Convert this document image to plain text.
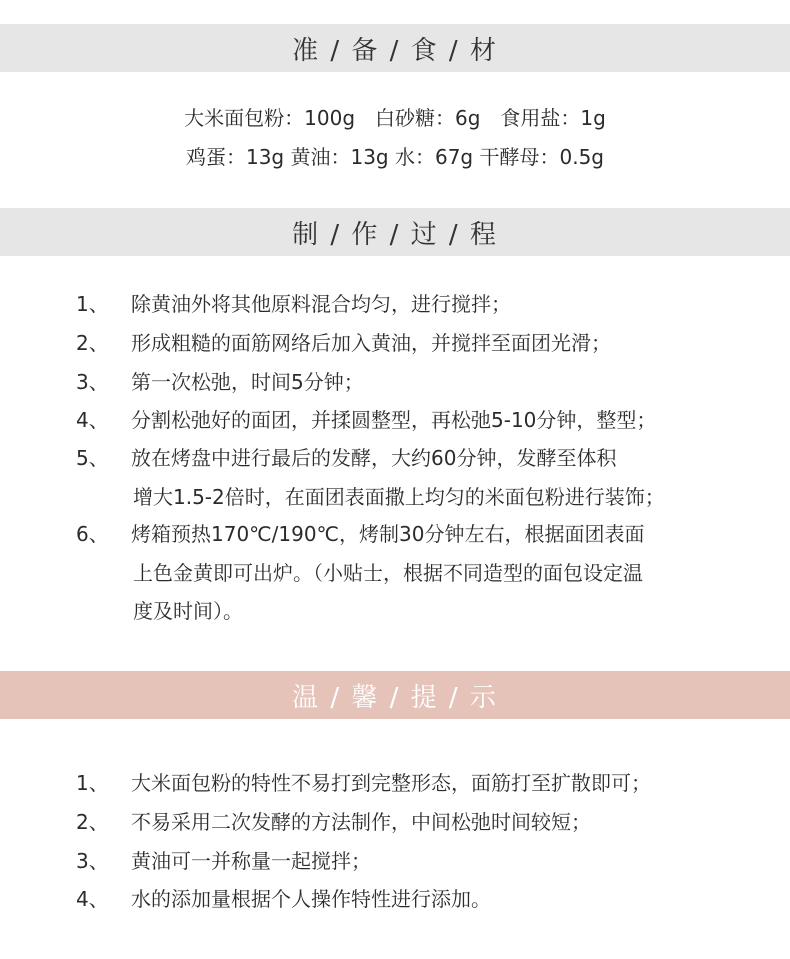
准 / 备 / 食 / 材
大米面包粉：100g　白砂糖：6g　食用盐：1g
鸡蛋：13g 黄油：13g 水：67g 干酵母：0.5g
制 / 作 / 过 / 程
1、 除黄油外将其他原料混合均匀，进行搅拌；
2、 形成粗糙的面筋网络后加入黄油，并搅拌至面团光滑；
3、 第一次松弛，时间5分钟；
4、 分割松弛好的面团，并揉圆整型，再松弛5-10分钟，整型；
5、 放在烤盘中进行最后的发酵，大约60分钟，发酵至体积
增大1.5-2倍时，在面团表面撒上均匀的米面包粉进行装饰；
6、 烤箱预热170℃/190℃，烤制30分钟左右，根据面团表面
上色金黄即可出炉。（小贴士，根据不同造型的面包设定温
度及时间）。
温 / 馨 / 提 / 示
1、 大米面包粉的特性不易打到完整形态，面筋打至扩散即可；
2、 不易采用二次发酵的方法制作，中间松弛时间较短；
3、 黄油可一并称量一起搅拌；
4、 水的添加量根据个人操作特性进行添加。
